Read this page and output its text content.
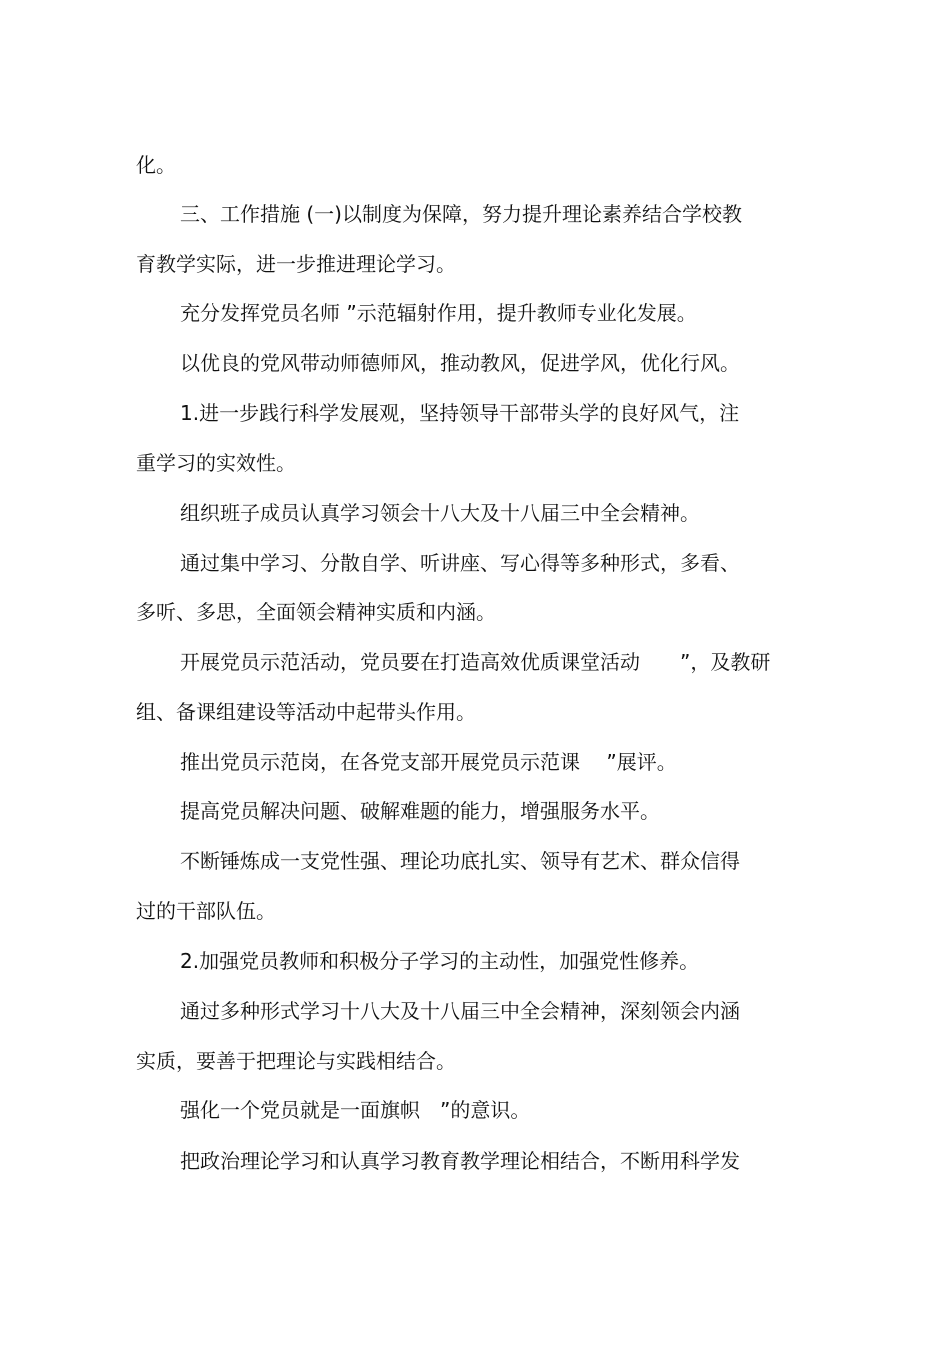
化。
三、工作措施 (一)以制度为保障，努力提升理论素养结合学校教
育教学实际，进一步推进理论学习。
充分发挥党员名师 ”示范辐射作用，提升教师专业化发展。
以优良的党风带动师德师风，推动教风，促进学风，优化行风。
1.进一步践行科学发展观，坚持领导干部带头学的良好风气，注
重学习的实效性。
组织班子成员认真学习领会十八大及十八届三中全会精神。
通过集中学习、分散自学、听讲座、写心得等多种形式，多看、
多听、多思，全面领会精神实质和内涵。
开展党员示范活动，党员要在打造高效优质课堂活动　　”，及教研
组、备课组建设等活动中起带头作用。
推出党员示范岗，在各党支部开展党员示范课　 ”展评。
提高党员解决问题、破解难题的能力，增强服务水平。
不断锤炼成一支党性强、理论功底扎实、领导有艺术、群众信得
过的干部队伍。
2.加强党员教师和积极分子学习的主动性，加强党性修养。
通过多种形式学习十八大及十八届三中全会精神，深刻领会内涵
实质，要善于把理论与实践相结合。
强化一个党员就是一面旗帜　”的意识。
把政治理论学习和认真学习教育教学理论相结合，不断用科学发
